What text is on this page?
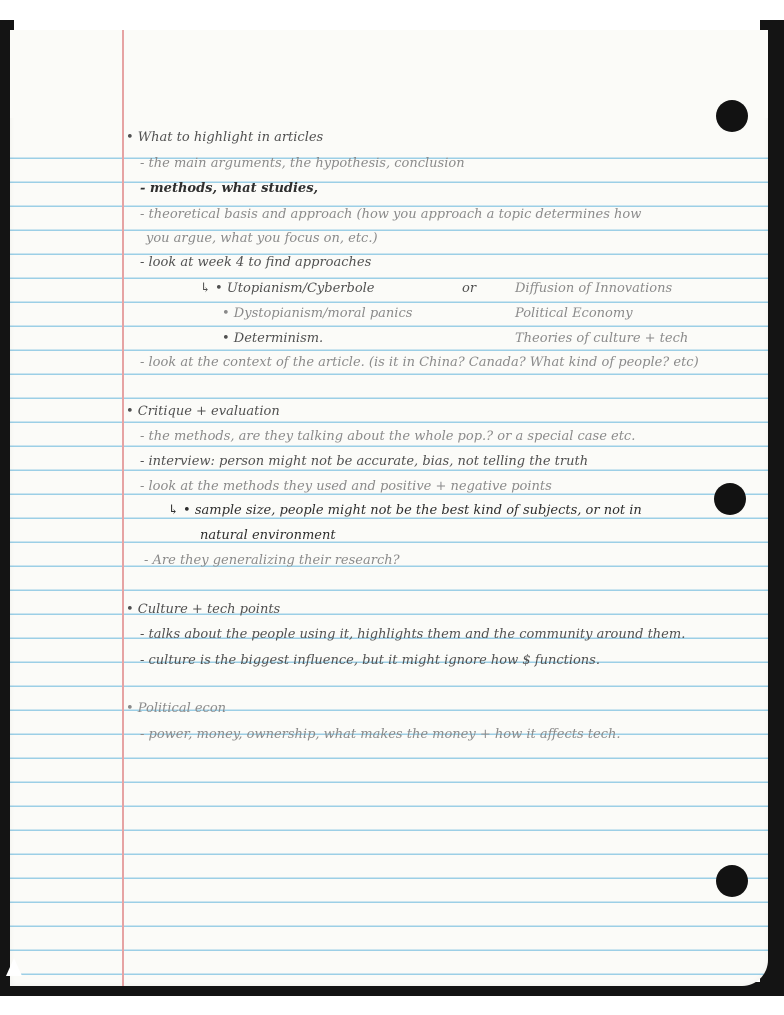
• What to highlight in articles

- the main arguments, the hypothesis, conclusion

- methods, what studies,

- theoretical basis and approach (how you approach a topic determines how

you argue, what you focus on, etc.)

- look at week 4 to find approaches

↳ • Utopianism/Cyberbole	or	Diffusion of Innovations

• Dystopianism/moral panics	Political Economy

• Determinism.	Theories of culture + tech

- look at the context of the article. (is it in China? Canada? What kind of people? etc)

• Critique + evaluation

- the methods, are they talking about the whole pop.? or a special case etc.

- interview: person might not be accurate, bias, not telling the truth

- look at the methods they used and positive + negative points

↳ • sample size, people might not be the best kind of subjects, or not in

natural environment

- Are they generalizing their research?

• Culture + tech points

- talks about the people using it, highlights them and the community around them.

- culture is the biggest influence, but it might ignore how $ functions.

• Political econ

- power, money, ownership, what makes the money + how it affects tech.
